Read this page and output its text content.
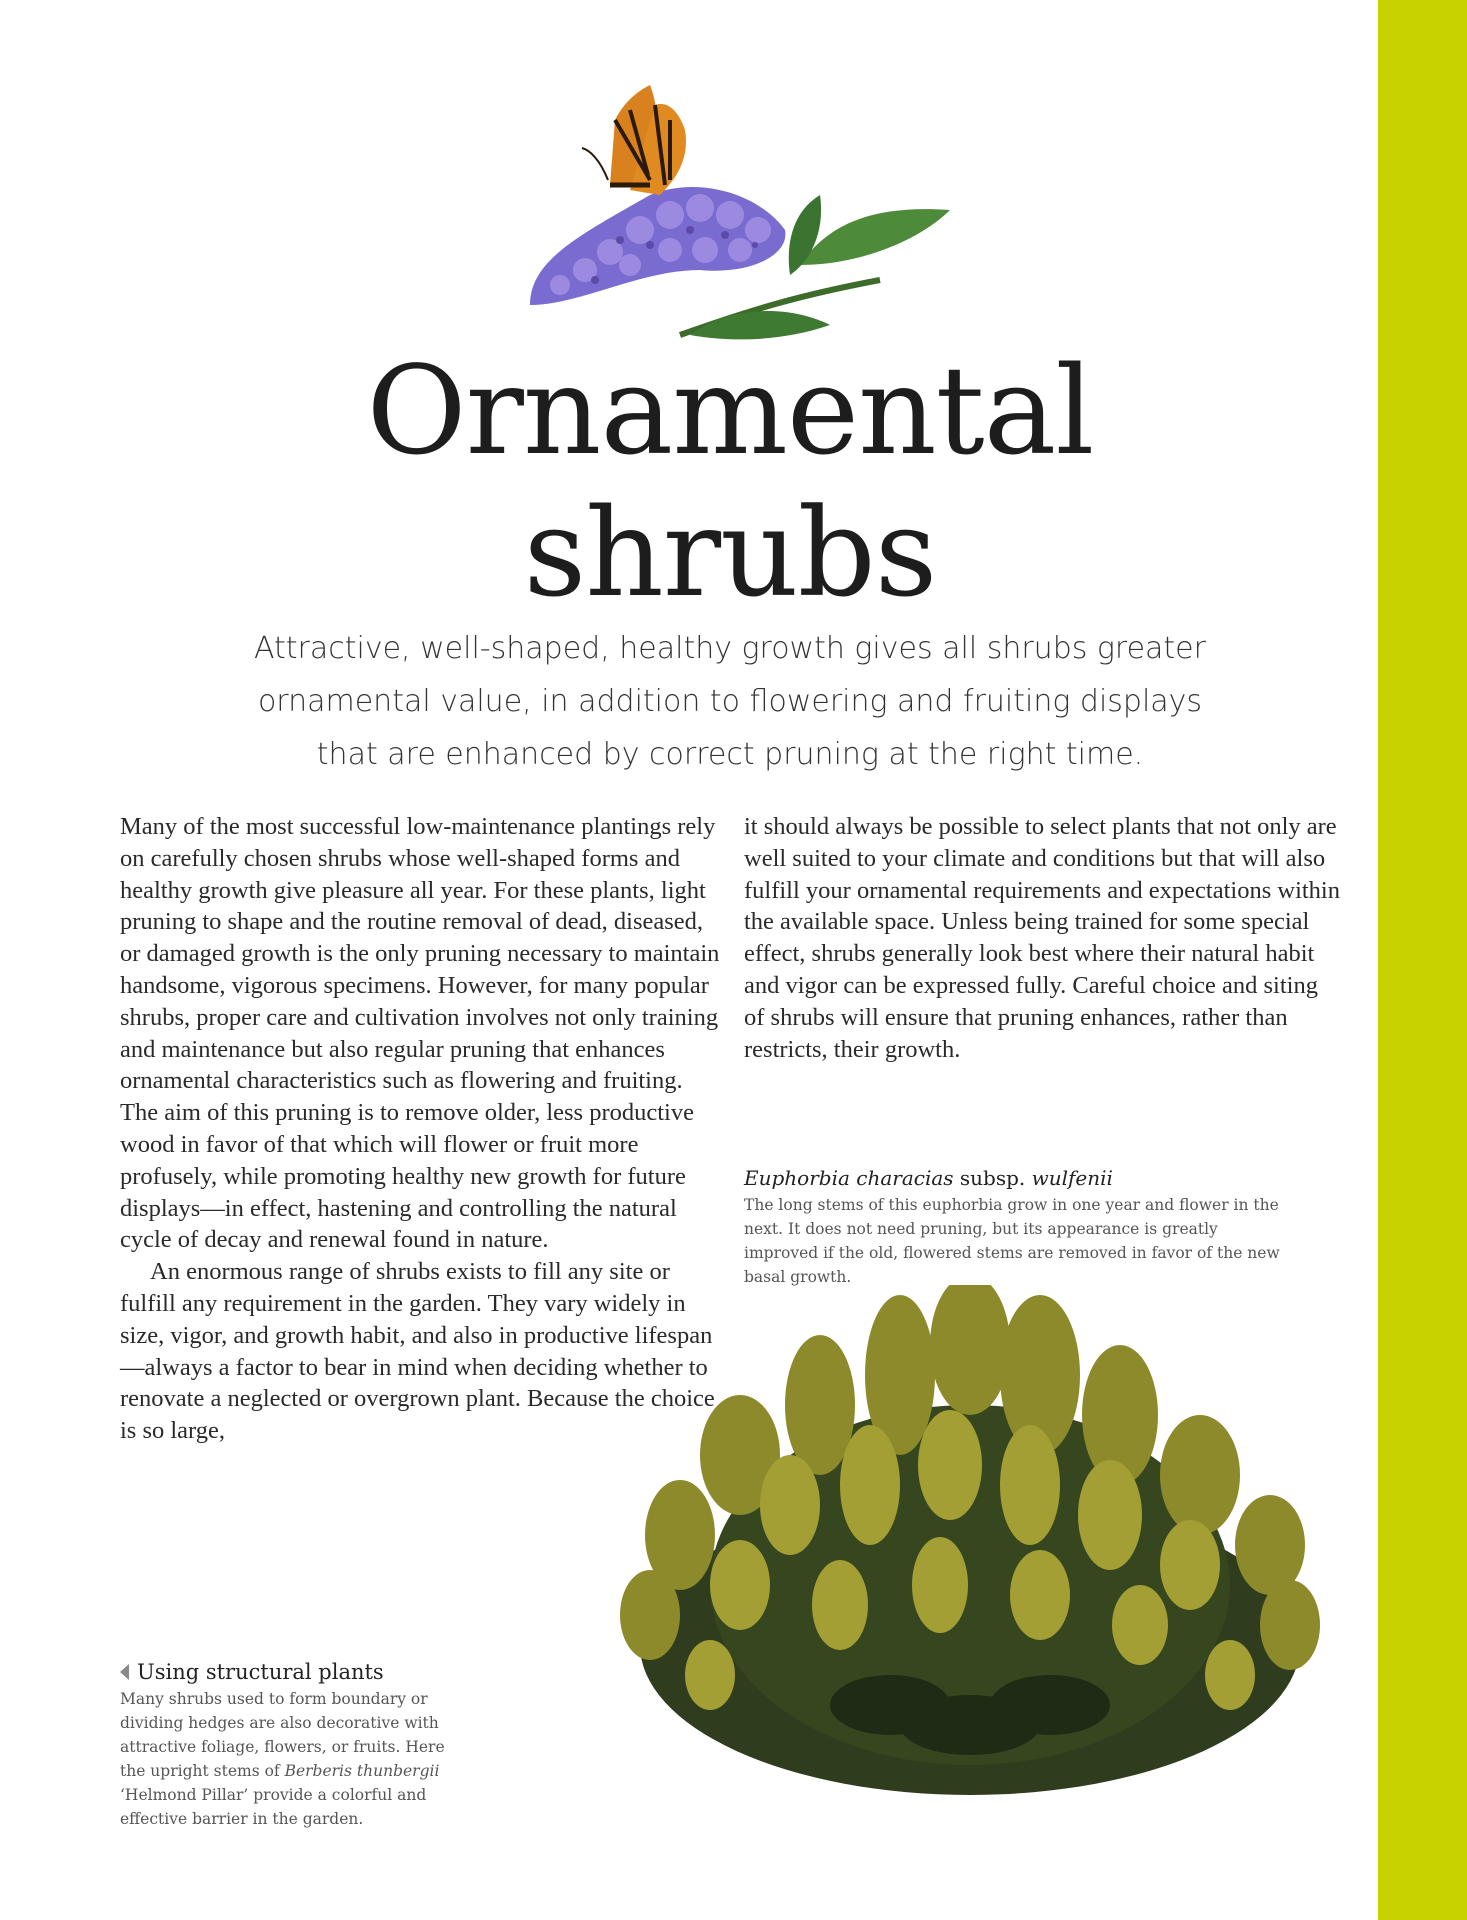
Ornamental
shrubs

Attractive, well-shaped, healthy growth gives all shrubs greater ornamental value, in addition to flowering and fruiting displays that are enhanced by correct pruning at the right time.

Many of the most successful low-maintenance plantings rely on carefully chosen shrubs whose well-shaped forms and healthy growth give pleasure all year. For these plants, light pruning to shape and the routine removal of dead, diseased, or damaged growth is the only pruning necessary to maintain handsome, vigorous specimens. However, for many popular shrubs, proper care and cultivation involves not only training and maintenance but also regular pruning that enhances ornamental characteristics such as flowering and fruiting. The aim of this pruning is to remove older, less productive wood in favor of that which will flower or fruit more profusely, while promoting healthy new growth for future displays—in effect, hastening and controlling the natural cycle of decay and renewal found in nature.

An enormous range of shrubs exists to fill any site or fulfill any requirement in the garden. They vary widely in size, vigor, and growth habit, and also in productive lifespan—always a factor to bear in mind when deciding whether to renovate a neglected or overgrown plant. Because the choice is so large,

it should always be possible to select plants that not only are well suited to your climate and conditions but that will also fulfill your ornamental requirements and expectations within the available space. Unless being trained for some special effect, shrubs generally look best where their natural habit and vigor can be expressed fully. Careful choice and siting of shrubs will ensure that pruning enhances, rather than restricts, their growth.

Euphorbia characias subsp. wulfenii

The long stems of this euphorbia grow in one year and flower in the next. It does not need pruning, but its appearance is greatly improved if the old, flowered stems are removed in favor of the new basal growth.

Using structural plants

Many shrubs used to form boundary or dividing hedges are also decorative with attractive foliage, flowers, or fruits. Here the upright stems of Berberis thunbergii ‘Helmond Pillar’ provide a colorful and effective barrier in the garden.
